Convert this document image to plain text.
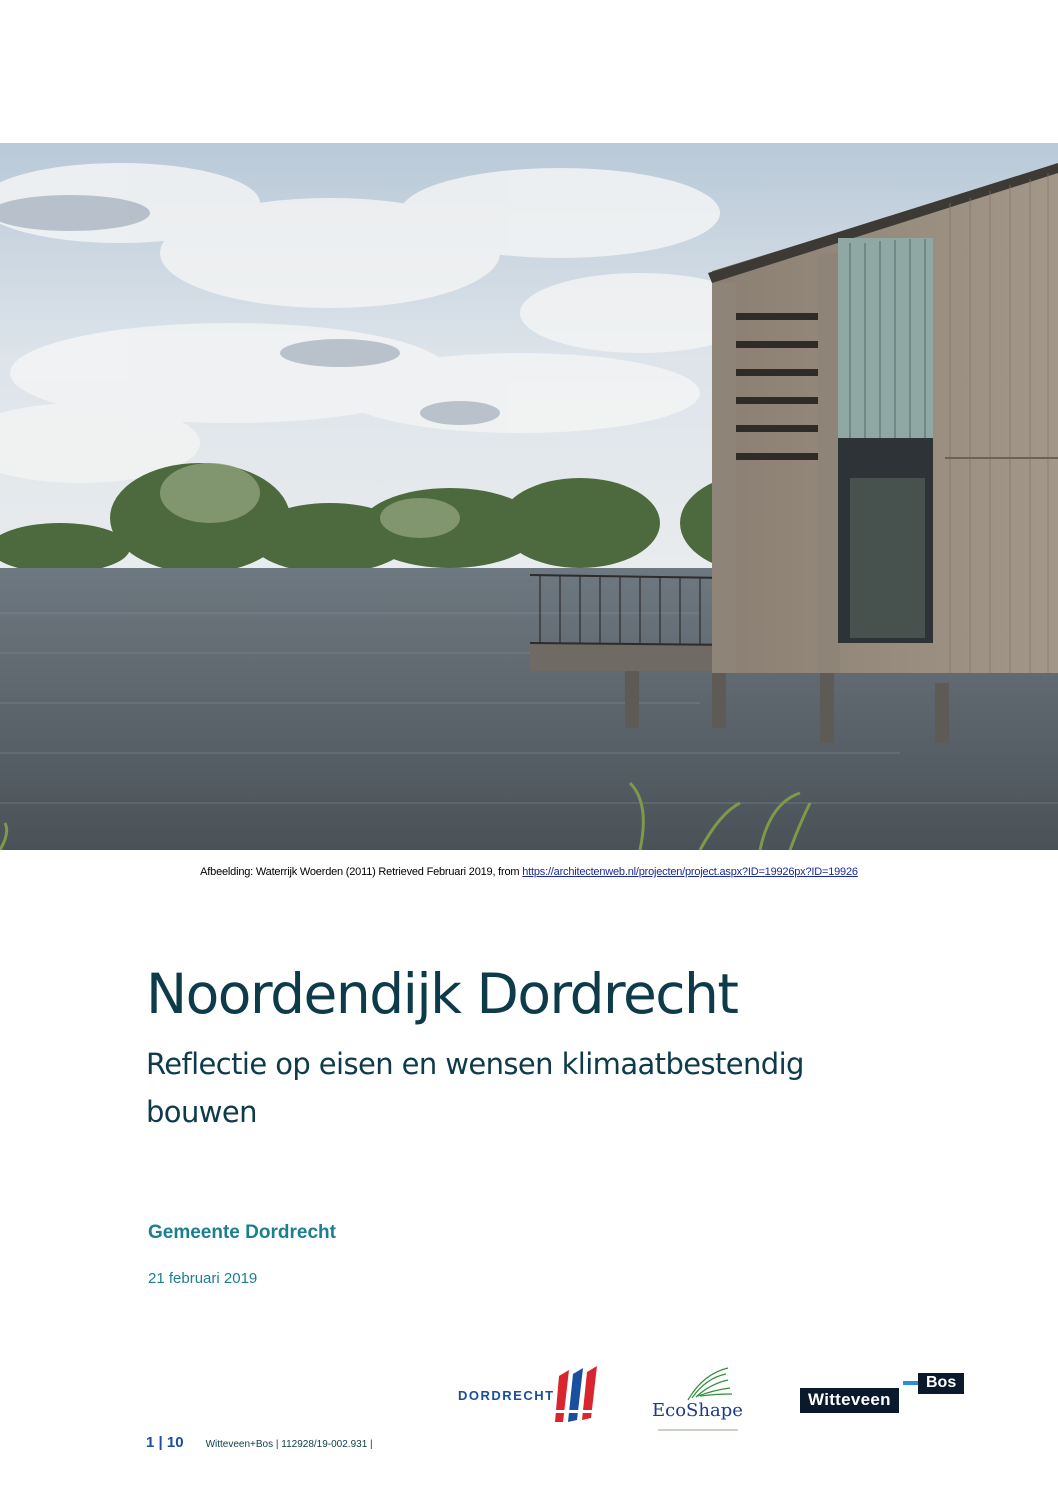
Afbeelding: Waterrijk Woerden (2011) Retrieved Februari 2019, from https://architectenweb.nl/projecten/project.aspx?ID=19926px?ID=19926
Noordendijk Dordrecht
Reflectie op eisen en wensen klimaatbestendig bouwen
Gemeente Dordrecht
21 februari 2019
DORDRECHT
EcoShape
Bos
Witteveen
1 | 10 Witteveen+Bos | 112928/19-002.931 |
